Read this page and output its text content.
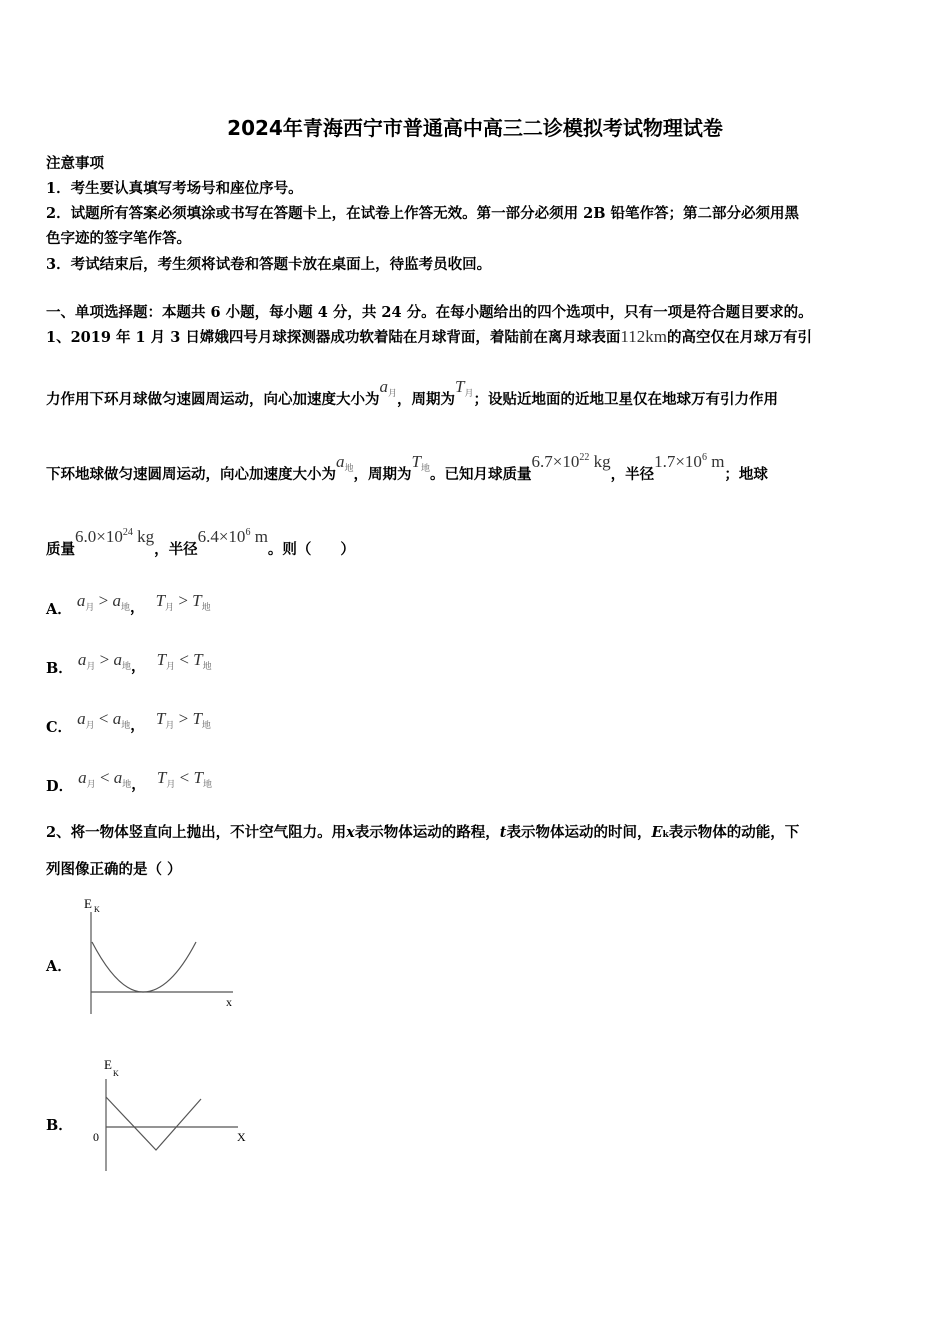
2024年青海西宁市普通高中高三二诊模拟考试物理试卷
注意事项
1．考生要认真填写考场号和座位序号。
2．试题所有答案必须填涂或书写在答题卡上，在试卷上作答无效。第一部分必须用 2B 铅笔作答；第二部分必须用黑
色字迹的签字笔作答。
3．考试结束后，考生须将试卷和答题卡放在桌面上，待监考员收回。
一、单项选择题：本题共 6 小题，每小题 4 分，共 24 分。在每小题给出的四个选项中，只有一项是符合题目要求的。
1、2019 年 1 月 3 日嫦娥四号月球探测器成功软着陆在月球背面，着陆前在离月球表面112km的高空仅在月球万有引
力作用下环月球做匀速圆周运动，向心加速度大小为$a_月$，周期为$T_月$；设贴近地面的近地卫星仅在地球万有引力作用
下环地球做匀速圆周运动，向心加速度大小为$a_地$，周期为$T_地$。已知月球质量$6.7\times 10^{22}$ kg，半径$1.7\times 10^6$ m；地球
质量$6.0\times 10^{24}$ kg，半径$6.4\times 10^6$ m。则（　　）
A． $a_月 > a_地$， $T_月 > T_地$
B． $a_月 > a_地$， $T_月 < T_地$
C． $a_月 < a_地$， $T_月 > T_地$
D． $a_月 < a_地$， $T_月 < T_地$
2、将一物体竖直向上抛出，不计空气阻力。用x表示物体运动的路程，t表示物体运动的时间，Ek表示物体的动能，下
列图像正确的是（ ）
A．
E K
x
B．
E
K
0	X
